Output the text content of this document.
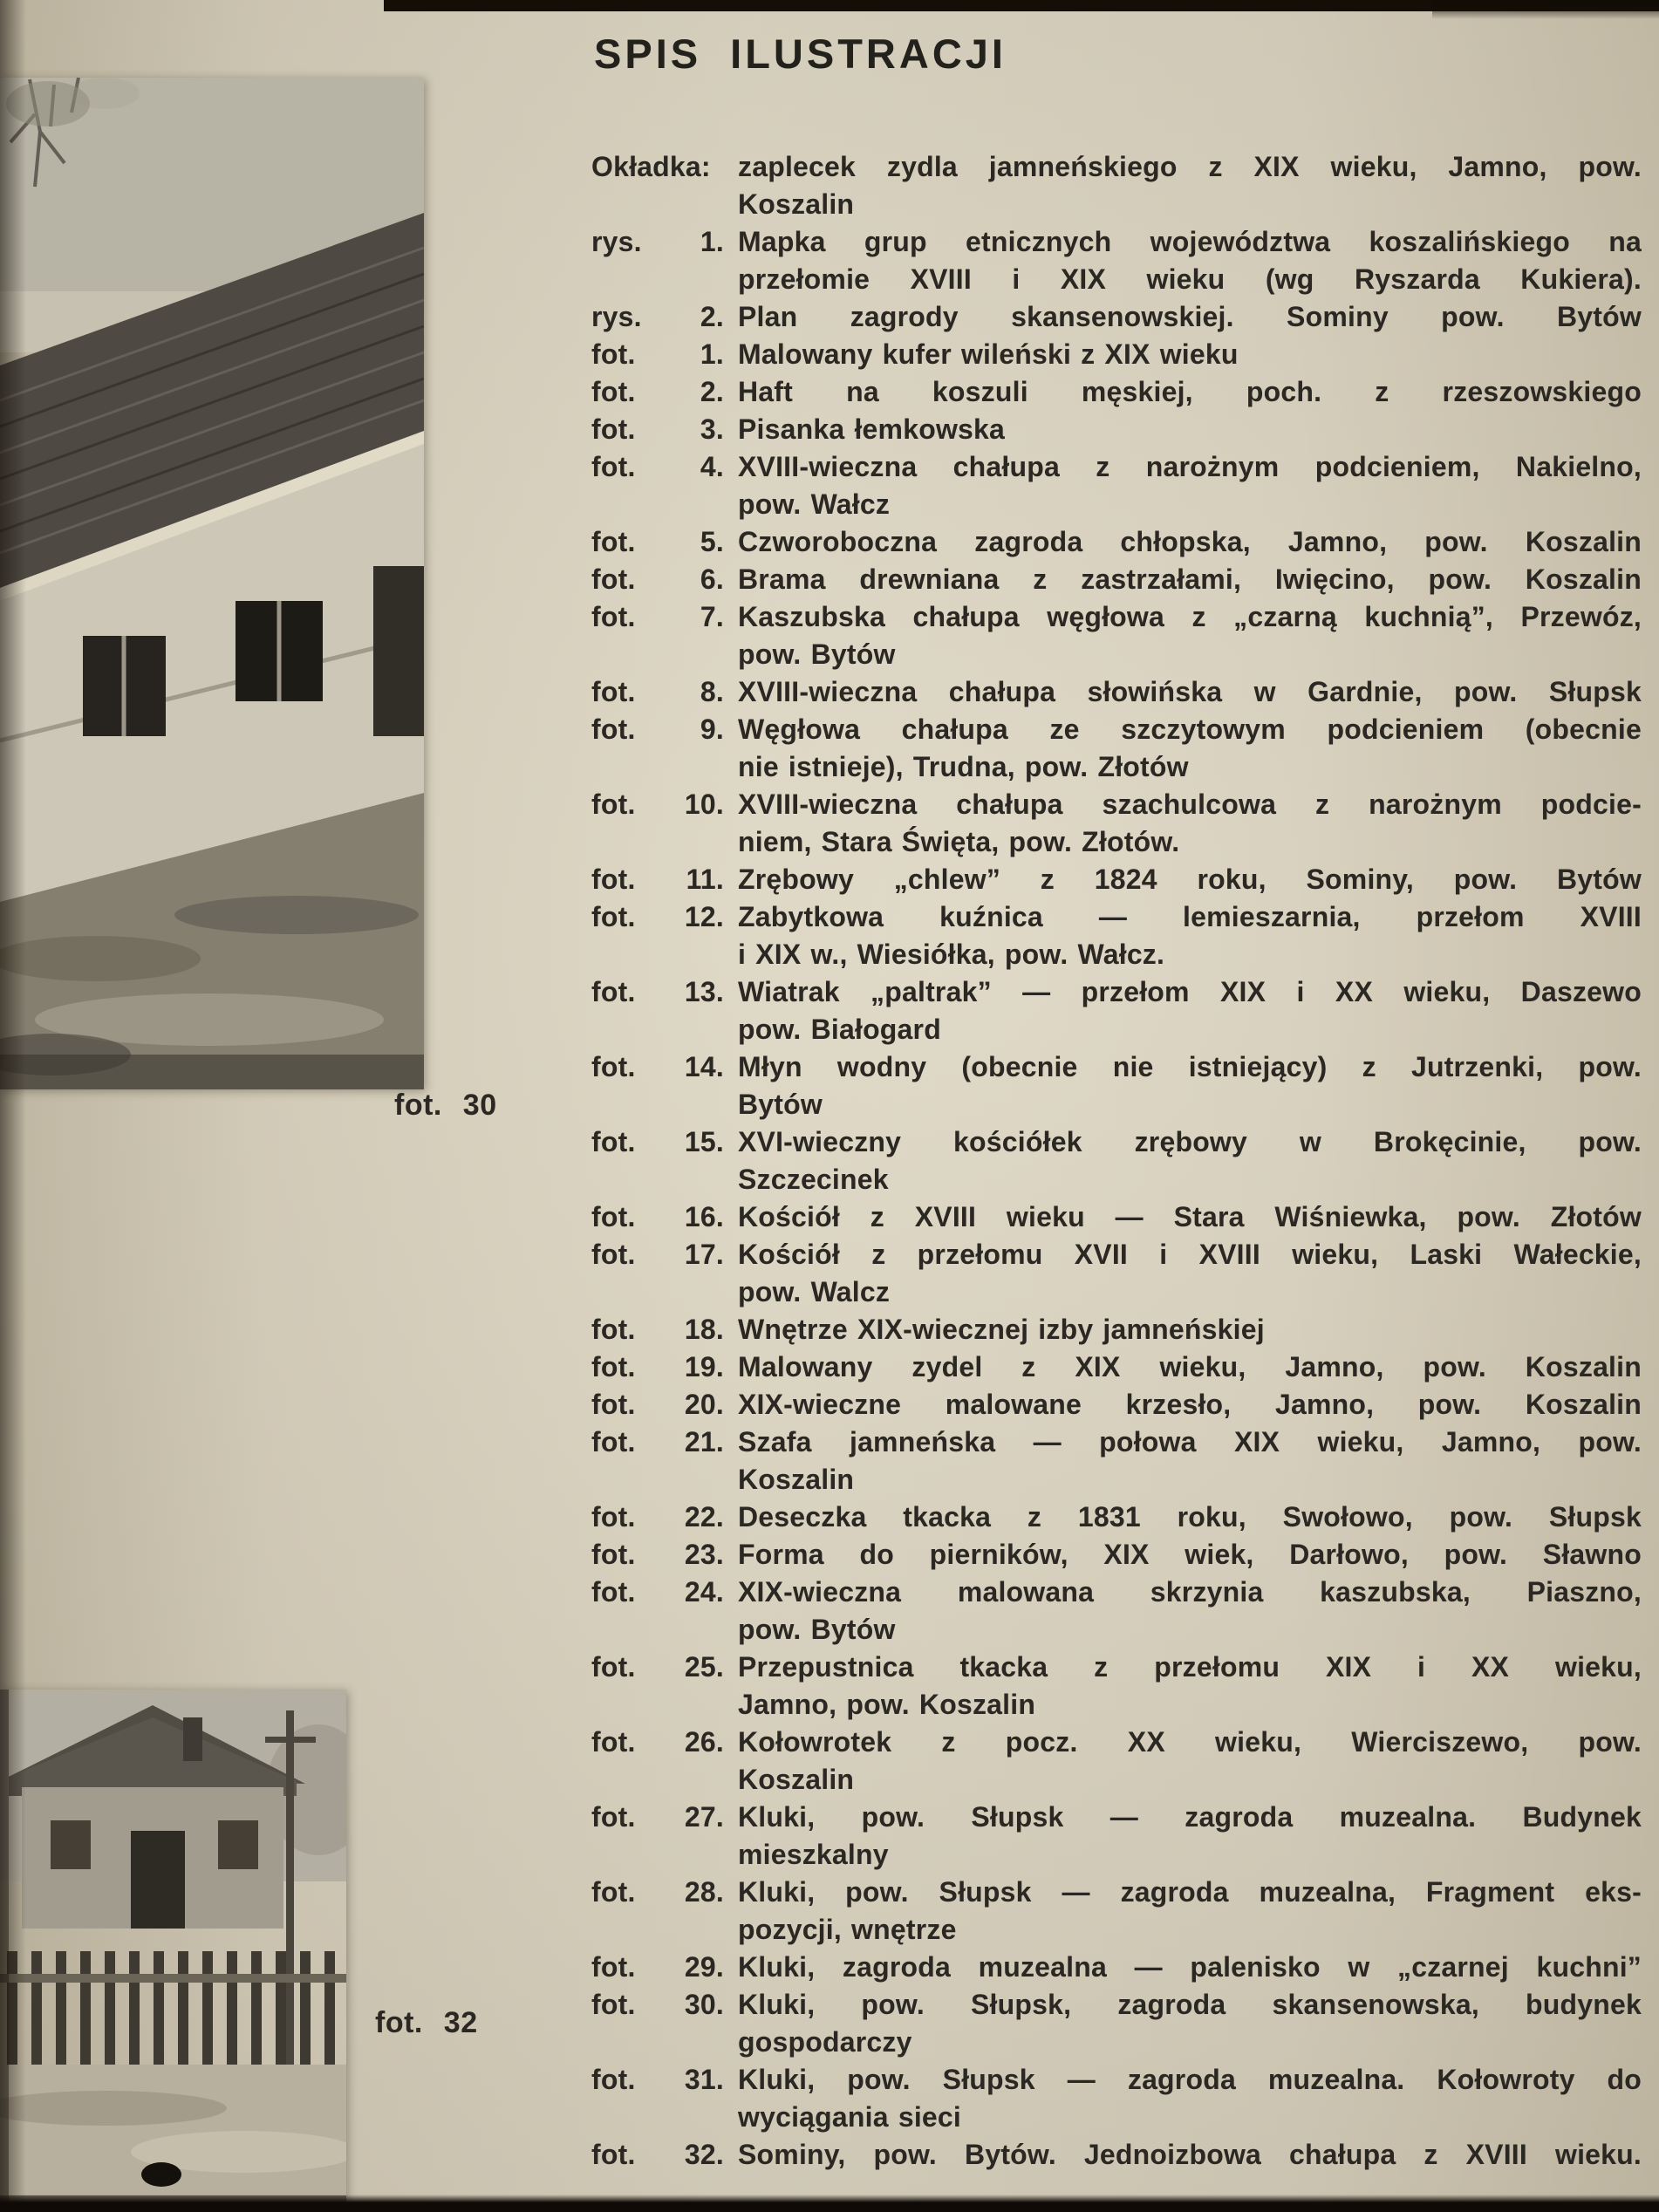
fot. 30
fot. 32
SPIS ILUSTRACJI
Okładka: zaplecek zydla jamneńskiego z XIX wieku, Jamno, pow.
Koszalin
rys. 1. Mapka grup etnicznych województwa koszalińskiego na
przełomie XVIII i XIX wieku (wg Ryszarda Kukiera).
rys. 2. Plan zagrody skansenowskiej. Sominy pow. Bytów
fot. 1. Malowany kufer wileński z XIX wieku
fot. 2. Haft na koszuli męskiej, poch. z rzeszowskiego
fot. 3. Pisanka łemkowska
fot. 4. XVIII-wieczna chałupa z narożnym podcieniem, Nakielno,
pow. Wałcz
fot. 5. Czworoboczna zagroda chłopska, Jamno, pow. Koszalin
fot. 6. Brama drewniana z zastrzałami, Iwięcino, pow. Koszalin
fot. 7. Kaszubska chałupa węgłowa z „czarną kuchnią”, Przewóz,
pow. Bytów
fot. 8. XVIII-wieczna chałupa słowińska w Gardnie, pow. Słupsk
fot. 9. Węgłowa chałupa ze szczytowym podcieniem (obecnie
nie istnieje), Trudna, pow. Złotów
fot. 10. XVIII-wieczna chałupa szachulcowa z narożnym podcie-
niem, Stara Święta, pow. Złotów.
fot. 11. Zrębowy „chlew” z 1824 roku, Sominy, pow. Bytów
fot. 12. Zabytkowa kuźnica — lemieszarnia, przełom XVIII
i XIX w., Wiesiółka, pow. Wałcz.
fot. 13. Wiatrak „paltrak” — przełom XIX i XX wieku, Daszewo
pow. Białogard
fot. 14. Młyn wodny (obecnie nie istniejący) z Jutrzenki, pow.
Bytów
fot. 15. XVI-wieczny kościółek zrębowy w Brokęcinie, pow.
Szczecinek
fot. 16. Kościół z XVIII wieku — Stara Wiśniewka, pow. Złotów
fot. 17. Kościół z przełomu XVII i XVIII wieku, Laski Wałeckie,
pow. Walcz
fot. 18. Wnętrze XIX-wiecznej izby jamneńskiej
fot. 19. Malowany zydel z XIX wieku, Jamno, pow. Koszalin
fot. 20. XIX-wieczne malowane krzesło, Jamno, pow. Koszalin
fot. 21. Szafa jamneńska — połowa XIX wieku, Jamno, pow.
Koszalin
fot. 22. Deseczka tkacka z 1831 roku, Swołowo, pow. Słupsk
fot. 23. Forma do pierników, XIX wiek, Darłowo, pow. Sławno
fot. 24. XIX-wieczna malowana skrzynia kaszubska, Piaszno,
pow. Bytów
fot. 25. Przepustnica tkacka z przełomu XIX i XX wieku,
Jamno, pow. Koszalin
fot. 26. Kołowrotek z pocz. XX wieku, Wierciszewo, pow.
Koszalin
fot. 27. Kluki, pow. Słupsk — zagroda muzealna. Budynek
mieszkalny
fot. 28. Kluki, pow. Słupsk — zagroda muzealna, Fragment eks-
pozycji, wnętrze
fot. 29. Kluki, zagroda muzealna — palenisko w „czarnej kuchni”
fot. 30. Kluki, pow. Słupsk, zagroda skansenowska, budynek
gospodarczy
fot. 31. Kluki, pow. Słupsk — zagroda muzealna. Kołowroty do
wyciągania sieci
fot. 32. Sominy, pow. Bytów. Jednoizbowa chałupa z XVIII wieku.
